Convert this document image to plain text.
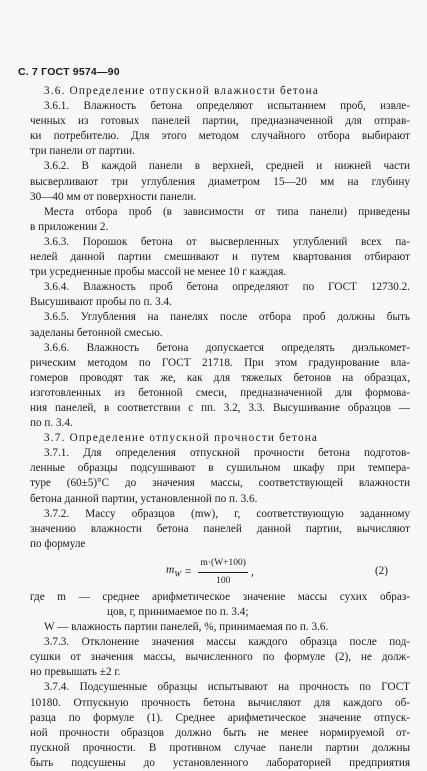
С. 7 ГОСТ 9574—90
3.6. Определение отпускной влажности бетона
3.6.1. Влажность бетона определяют испытанием проб, извле-
ченных из готовых панелей партии, предназначенной для отправ-
ки потребителю. Для этого методом случайного отбора выбирают
три панели от партии.
3.6.2. В каждой панели в верхней, средней и нижней части
высверливают три углубления диаметром 15—20 мм на глубину
30—40 мм от поверхности панели.
Места отбора проб (в зависимости от типа панели) приведены
в приложении 2.
3.6.3. Порошок бетона от высверленных углублений всех па-
нелей данной партии смешивают и путем квартования отбирают
три усредненные пробы массой не менее 10 г каждая.
3.6.4. Влажность проб бетона определяют по ГОСТ 12730.2.
Высушивают пробы по п. 3.4.
3.6.5. Углубления на панелях после отбора проб должны быть
заделаны бетонной смесью.
3.6.6. Влажность бетона допускается определять диэлькомет-
рическим методом по ГОСТ 21718. При этом градуирование вла-
гомеров проводят так же, как для тяжелых бетонов на образцах,
изготовленных из бетонной смеси, предназначенной для формова-
ния панелей, в соответствии с пп. 3.2, 3.3. Высушивание образцов —
по п. 3.4.
3.7. Определение отпускной прочности бетона
3.7.1. Для определения отпускной прочности бетона подготов-
ленные образцы подсушивают в сушильном шкафу при темпера-
туре (60±5)°С до значения массы, соответствующей влажности
бетона данной партии, установленной по п. 3.6.
3.7.2. Массу образцов (mw), г, соответствующую заданному
значению влажности бетона панелей данной партии, вычисляют
по формуле
$m_W = \frac{m\cdot(W+100)}{100}$ ,	(2)
где m — среднее арифметическое значение массы сухих образ-
цов, г, принимаемое по п. 3.4;
W — влажность партии панелей, %, принимаемая по п. 3.6.
3.7.3. Отклонение значения массы каждого образца после под-
сушки от значения массы, вычисленного по формуле (2), не долж-
но превышать ±2 г.
3.7.4. Подсушенные образцы испытывают на прочность по ГОСТ
10180. Отпускную прочность бетона вычисляют для каждого об-
разца по формуле (1). Среднее арифметическое значение отпуск-
ной прочности образцов должно быть не менее нормируемой от-
пускной прочности. В противном случае панели партии должны
быть подсушены до установленного лабораторией предприятия
